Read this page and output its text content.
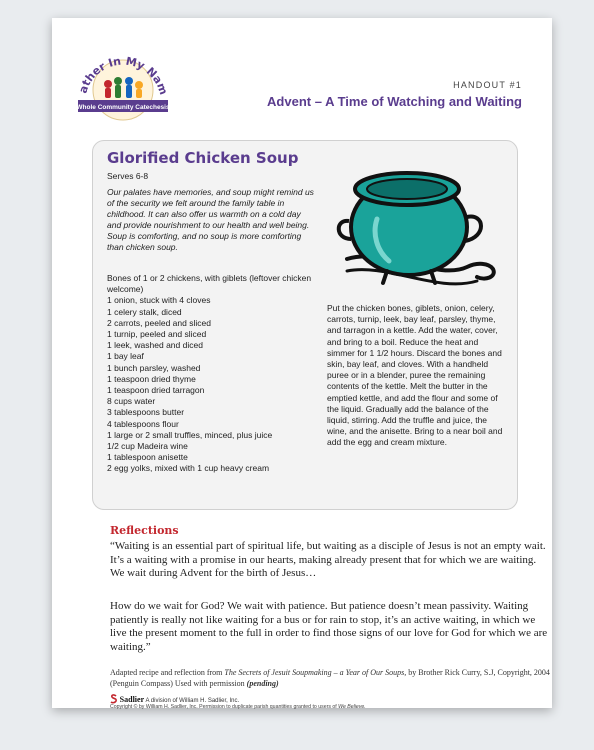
ather In My Nam
Whole Community Catechesis
HANDOUT #1
Advent – A Time of Watching and Waiting
Glorified Chicken Soup
Serves 6-8
Our palates have memories, and soup might remind us of the security we felt around the family table in childhood. It can also offer us warmth on a cold day and provide nourishment to our health and well being. Soup is comforting, and no soup is more comforting than chicken soup.
Bones of 1 or 2 chickens, with giblets (leftover chicken welcome)
1 onion, stuck with 4 cloves
1 celery stalk, diced
2 carrots, peeled and sliced
1 turnip, peeled and sliced
1 leek, washed and diced
1 bay leaf
1 bunch parsley, washed
1 teaspoon dried thyme
1 teaspoon dried tarragon
8 cups water
3 tablespoons butter
4 tablespoons flour
1 large or 2 small truffles, minced, plus juice
1/2 cup Madeira wine
1 tablespoon anisette
2 egg yolks, mixed with 1 cup heavy cream
Put the chicken bones, giblets, onion, celery, carrots, turnip, leek, bay leaf, parsley, thyme, and tarragon in a kettle. Add the water, cover, and bring to a boil. Reduce the heat and simmer for 1 1/2 hours. Discard the bones and skin, bay leaf, and cloves. With a handheld puree or in a blender, puree the remaining contents of the kettle. Melt the butter in the emptied kettle, and add the flour and some of the liquid. Gradually add the balance of the liquid, stirring. Add the truffle and juice, the wine, and the anisette. Bring to a near boil and add the egg and cream mixture.
Reflections

“Waiting is an essential part of spiritual life, but waiting as a disciple of Jesus is not an empty wait. It’s a waiting with a promise in our hearts, making already present that for which we are waiting. We wait during Advent for the birth of Jesus…

How do we wait for God? We wait with patience. But patience doesn’t mean passivity. Waiting patiently is really not like waiting for a bus or for rain to stop, it’s an active waiting, in which we live the present moment to the full in order to find those signs of our love for God for which we are waiting.”

Adapted recipe and reflection from The Secrets of Jesuit Soupmaking – a Year of Our Soups, by Brother Rick Curry, S.J, Copyright, 2004 (Penguin Compass) Used with permission (pending)
Sadlier A division of William H. Sadlier, Inc.
Copyright © by William H. Sadlier, Inc. Permission to duplicate parish quantities granted to users of We Believe.
